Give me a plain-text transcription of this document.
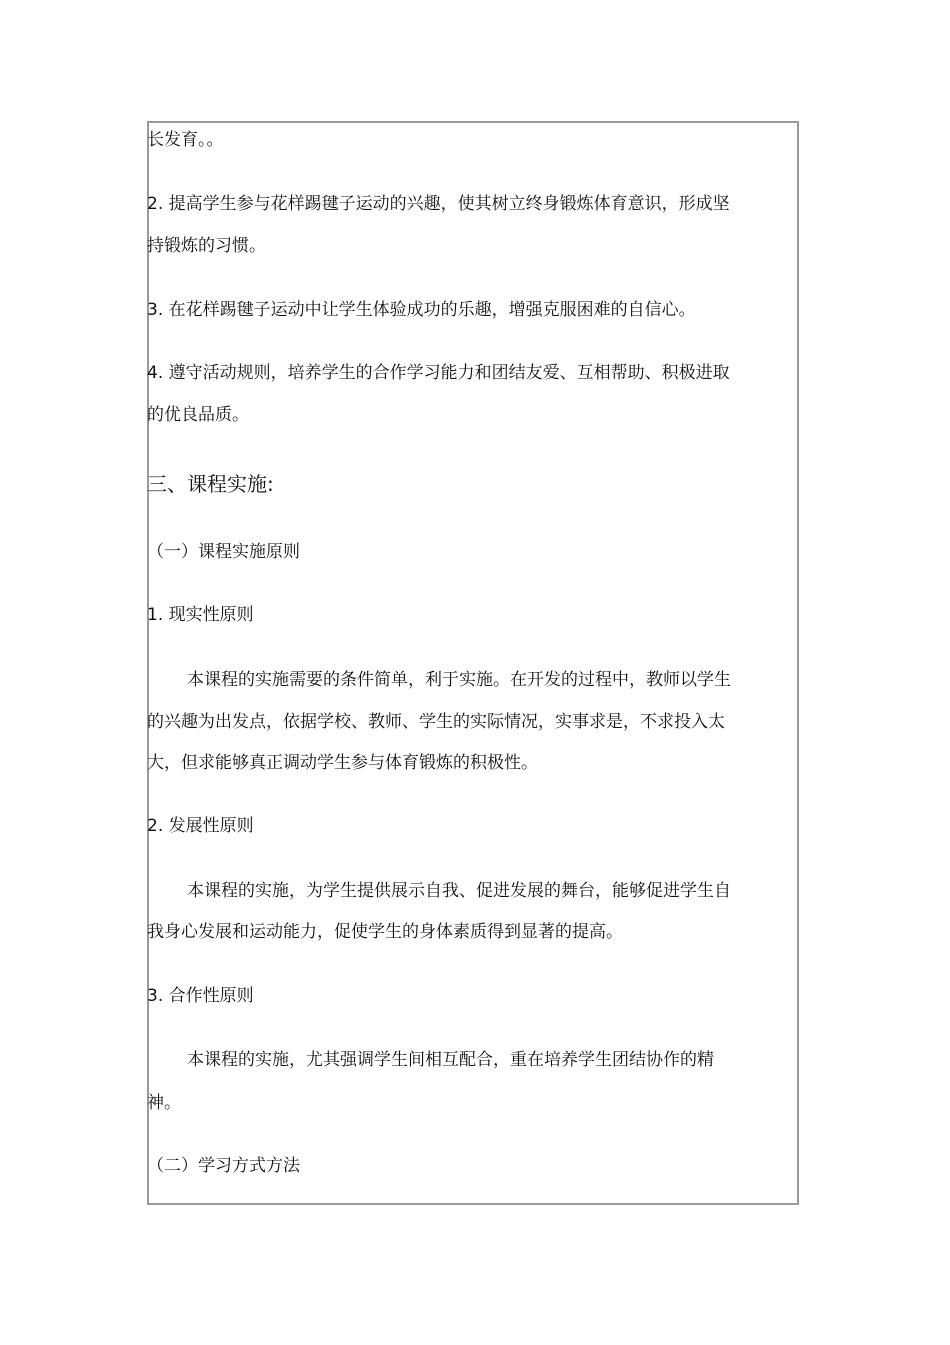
长发育。。
2. 提高学生参与花样踢毽子运动的兴趣，使其树立终身锻炼体育意识，形成坚
持锻炼的习惯。
3. 在花样踢毽子运动中让学生体验成功的乐趣，增强克服困难的自信心。
4. 遵守活动规则，培养学生的合作学习能力和团结友爱、互相帮助、积极进取
的优良品质。
三、课程实施:
（一）课程实施原则
1. 现实性原则
本课程的实施需要的条件简单，利于实施。在开发的过程中，教师以学生
的兴趣为出发点，依据学校、教师、学生的实际情况，实事求是，不求投入太
大，但求能够真正调动学生参与体育锻炼的积极性。
2. 发展性原则
本课程的实施，为学生提供展示自我、促进发展的舞台，能够促进学生自
我身心发展和运动能力，促使学生的身体素质得到显著的提高。
3. 合作性原则
本课程的实施，尤其强调学生间相互配合，重在培养学生团结协作的精
神。
（二）学习方式方法
